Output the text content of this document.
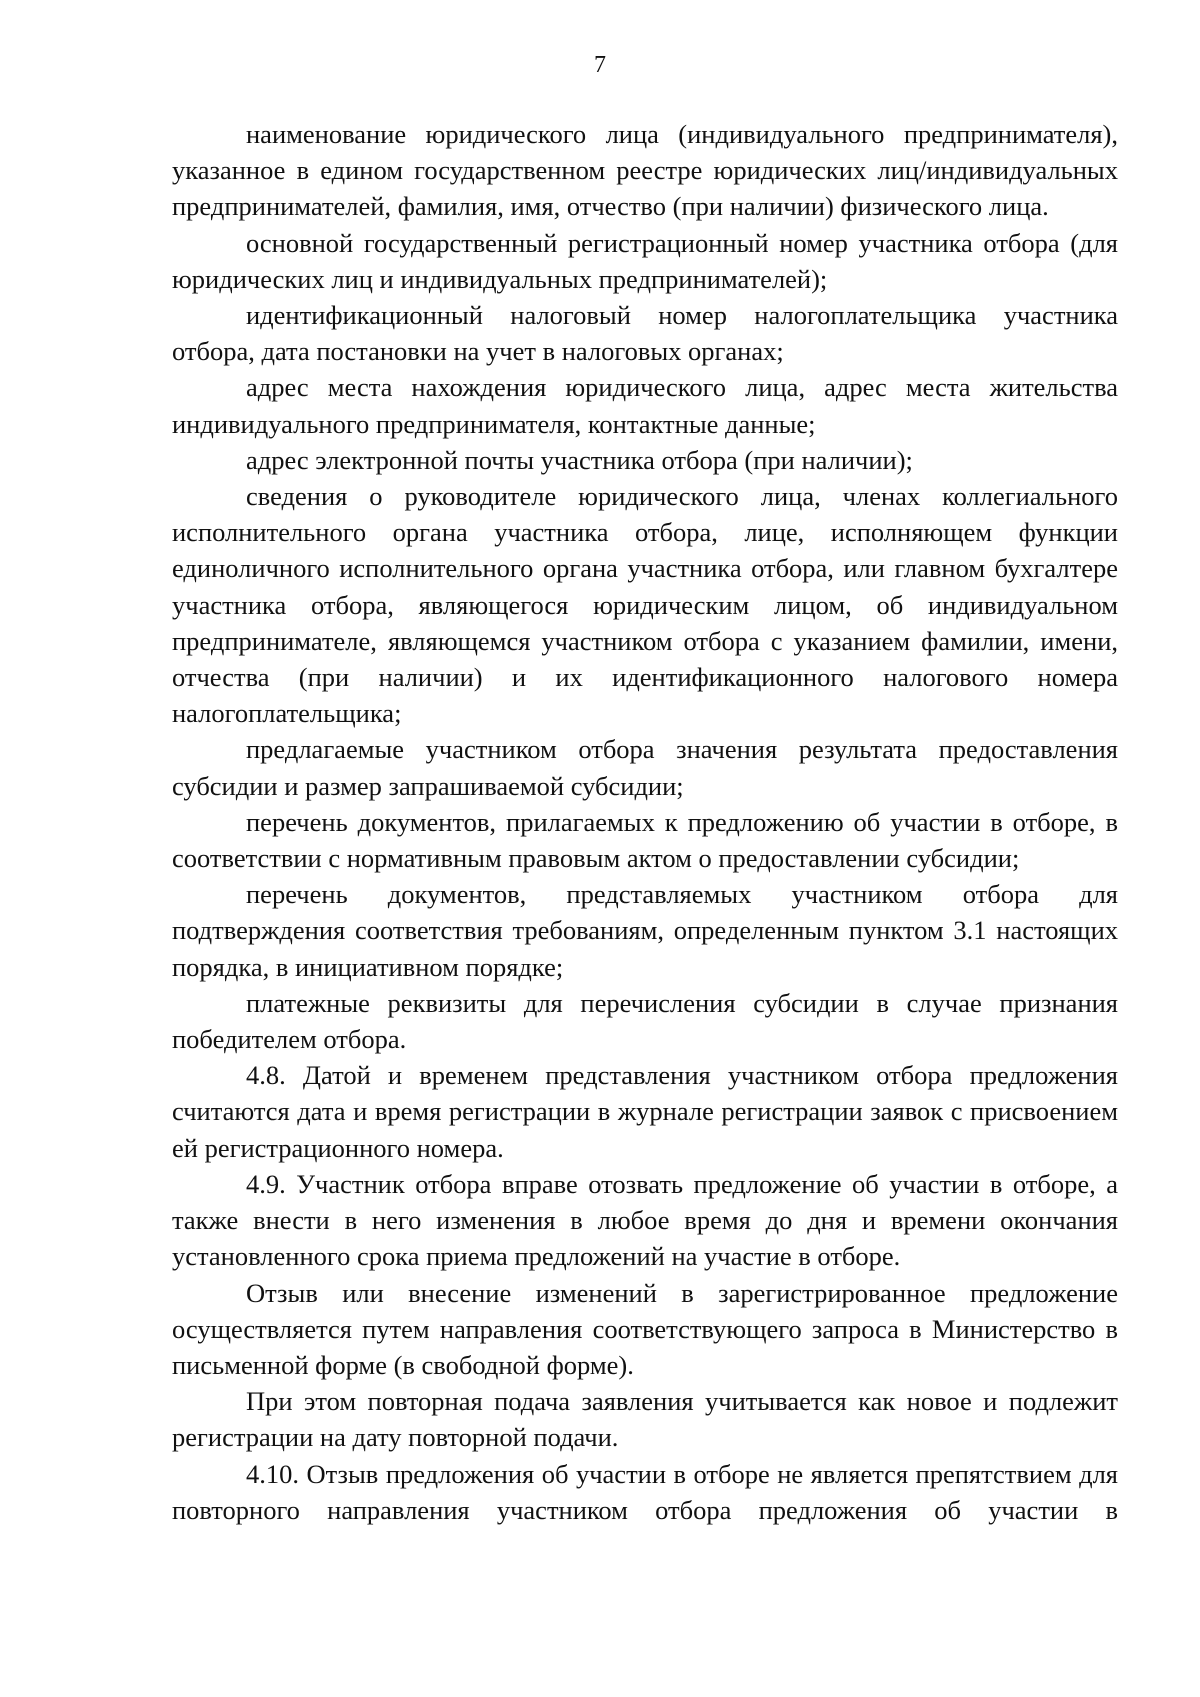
7

наименование юридического лица (индивидуального предпринимателя), указанное в едином государственном реестре юридических лиц/индивидуальных предпринимателей, фамилия, имя, отчество (при наличии) физического лица.

основной государственный регистрационный номер участника отбора (для юридических лиц и индивидуальных предпринимателей);

идентификационный налоговый номер налогоплательщика участника отбора, дата постановки на учет в налоговых органах;

адрес места нахождения юридического лица, адрес места жительства индивидуального предпринимателя, контактные данные;

адрес электронной почты участника отбора (при наличии);

сведения о руководителе юридического лица, членах коллегиального исполнительного органа участника отбора, лице, исполняющем функции единоличного исполнительного органа участника отбора, или главном бухгалтере участника отбора, являющегося юридическим лицом, об индивидуальном предпринимателе, являющемся участником отбора с указанием фамилии, имени, отчества (при наличии) и их идентификационного налогового номера налогоплательщика;

предлагаемые участником отбора значения результата предоставления субсидии и размер запрашиваемой субсидии;

перечень документов, прилагаемых к предложению об участии в отборе, в соответствии с нормативным правовым актом о предоставлении субсидии;

перечень документов, представляемых участником отбора для подтверждения соответствия требованиям, определенным пунктом 3.1 настоящих порядка, в инициативном порядке;

платежные реквизиты для перечисления субсидии в случае признания победителем отбора.

4.8. Датой и временем представления участником отбора предложения считаются дата и время регистрации в журнале регистрации заявок с присвоением ей регистрационного номера.

4.9. Участник отбора вправе отозвать предложение об участии в отборе, а также внести в него изменения в любое время до дня и времени окончания установленного срока приема предложений на участие в отборе.

Отзыв или внесение изменений в зарегистрированное предложение осуществляется путем направления соответствующего запроса в Министерство в письменной форме (в свободной форме).

При этом повторная подача заявления учитывается как новое и подлежит регистрации на дату повторной подачи.

4.10. Отзыв предложения об участии в отборе не является препятствием для повторного направления участником отбора предложения об участии в
